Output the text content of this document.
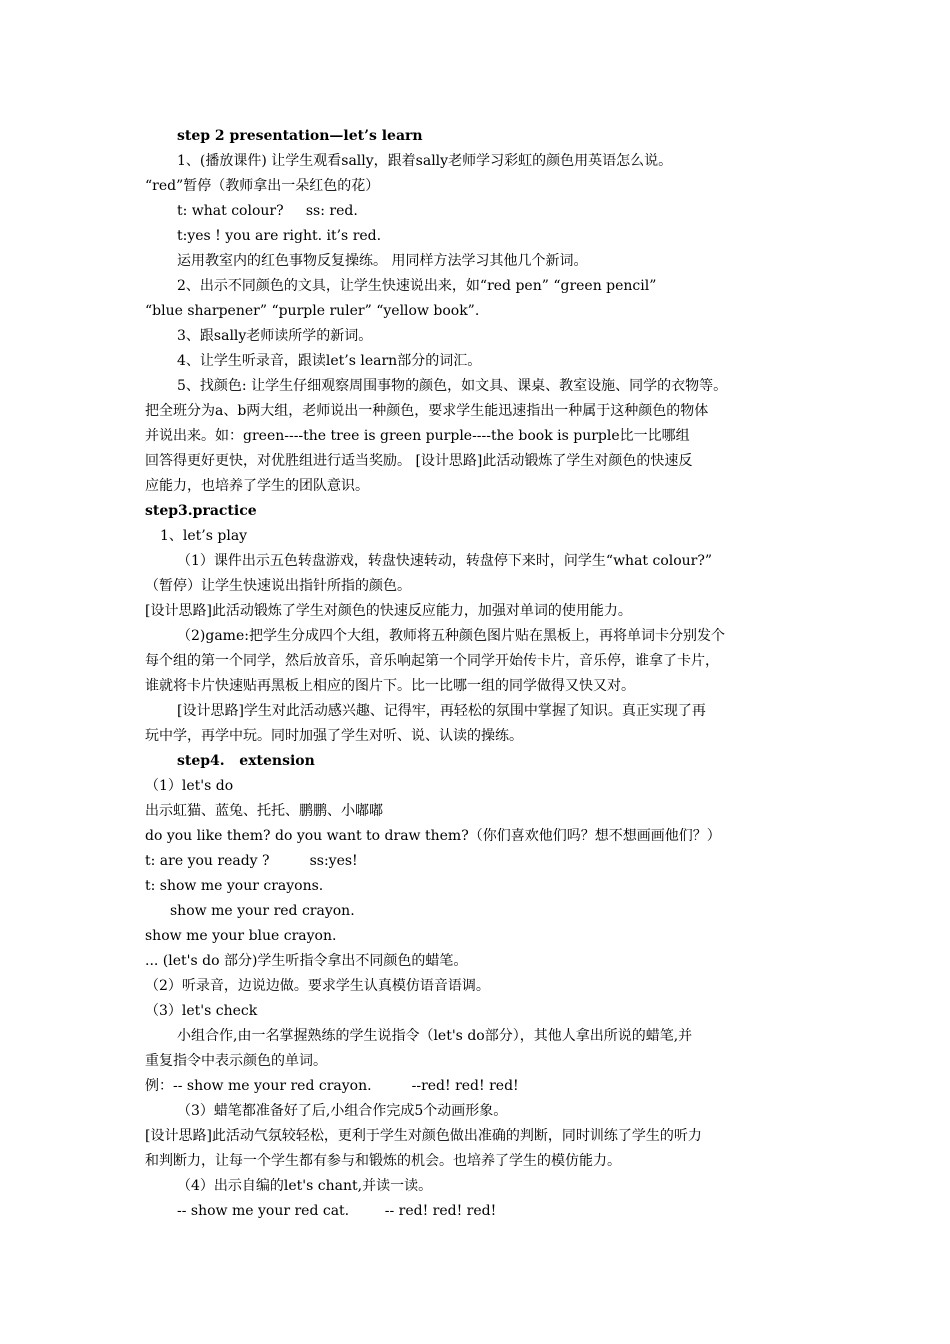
step 2 presentation—let’s learn
1、(播放课件) 让学生观看sally，跟着sally老师学习彩虹的颜色用英语怎么说。
“red”暂停（教师拿出一朵红色的花）
t: what colour?     ss: red.
t:yes ! you are right. it’s red.
运用教室内的红色事物反复操练。 用同样方法学习其他几个新词。
2、出示不同颜色的文具，让学生快速说出来，如“red pen” “green pencil”
“blue sharpener” “purple ruler” “yellow book”.
3、跟sally老师读所学的新词。
4、让学生听录音，跟读let’s learn部分的词汇。
5、找颜色: 让学生仔细观察周围事物的颜色，如文具、课桌、教室设施、同学的衣物等。
把全班分为a、b两大组，老师说出一种颜色，要求学生能迅速指出一种属于这种颜色的物体
并说出来。如：green----the tree is green purple----the book is purple比一比哪组
回答得更好更快，对优胜组进行适当奖励。 [设计思路]此活动锻炼了学生对颜色的快速反
应能力，也培养了学生的团队意识。
step3.practice
1、let’s play
（1）课件出示五色转盘游戏，转盘快速转动，转盘停下来时，问学生“what colour?”
（暂停）让学生快速说出指针所指的颜色。
[设计思路]此活动锻炼了学生对颜色的快速反应能力，加强对单词的使用能力。
（2)game:把学生分成四个大组，教师将五种颜色图片贴在黑板上，再将单词卡分别发个
每个组的第一个同学，然后放音乐，音乐响起第一个同学开始传卡片，音乐停，谁拿了卡片，
谁就将卡片快速贴再黑板上相应的图片下。比一比哪一组的同学做得又快又对。
[设计思路]学生对此活动感兴趣、记得牢，再轻松的氛围中掌握了知识。真正实现了再
玩中学，再学中玩。同时加强了学生对听、说、认读的操练。
step4.   extension
（1）let's do
出示虹猫、蓝兔、托托、鹏鹏、小嘟嘟
do you like them? do you want to draw them?（你们喜欢他们吗？想不想画画他们？）
t: are you ready ?         ss:yes!
t: show me your crayons.
show me your red crayon.
show me your blue crayon.
... (let's do 部分)学生听指令拿出不同颜色的蜡笔。
（2）听录音，边说边做。要求学生认真模仿语音语调。
（3）let's check
小组合作,由一名掌握熟练的学生说指令（let's do部分），其他人拿出所说的蜡笔,并
重复指令中表示颜色的单词。
例：-- show me your red crayon.         --red! red! red!
（3）蜡笔都准备好了后,小组合作完成5个动画形象。
[设计思路]此活动气氛较轻松，更利于学生对颜色做出准确的判断，同时训练了学生的听力
和判断力，让每一个学生都有参与和锻炼的机会。也培养了学生的模仿能力。
（4）出示自编的let's chant,并读一读。
-- show me your red cat.        -- red! red! red!
